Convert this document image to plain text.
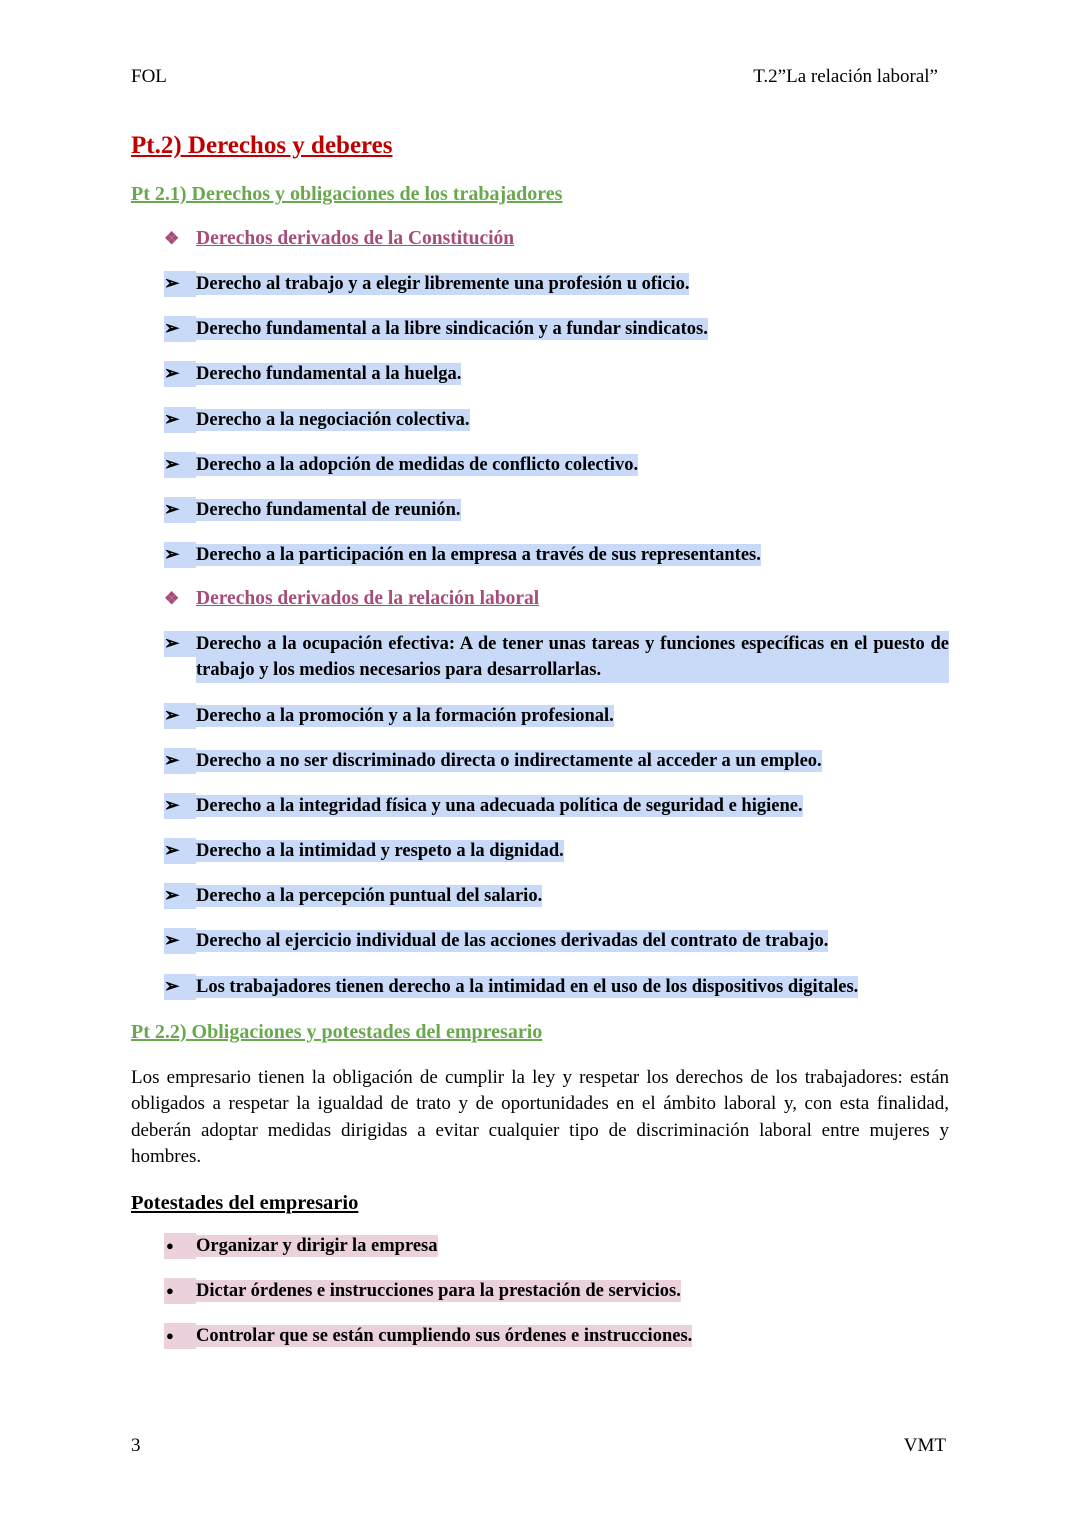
FOL	T.2”La relación laboral”
Pt.2) Derechos y deberes
Pt 2.1) Derechos y obligaciones de los trabajadores
❖ Derechos derivados de la Constitución
➢ Derecho al trabajo y a elegir libremente una profesión u oficio.
➢ Derecho fundamental a la libre sindicación y a fundar sindicatos.
➢ Derecho fundamental a la huelga.
➢ Derecho a la negociación colectiva.
➢ Derecho a la adopción de medidas de conflicto colectivo.
➢ Derecho fundamental de reunión.
➢ Derecho a la participación en la empresa a través de sus representantes.
❖ Derechos derivados de la relación laboral
➢ Derecho a la ocupación efectiva: A de tener unas tareas y funciones específicas en el puesto de trabajo y los medios necesarios para desarrollarlas.
➢ Derecho a la promoción y a la formación profesional.
➢ Derecho a no ser discriminado directa o indirectamente al acceder a un empleo.
➢ Derecho a la integridad física y una adecuada política de seguridad e higiene.
➢ Derecho a la intimidad y respeto a la dignidad.
➢ Derecho a la percepción puntual del salario.
➢ Derecho al ejercicio individual de las acciones derivadas del contrato de trabajo.
➢ Los trabajadores tienen derecho a la intimidad en el uso de los dispositivos digitales.
Pt 2.2) Obligaciones y potestades del empresario

Los empresario tienen la obligación de cumplir la ley y respetar los derechos de los trabajadores: están obligados a respetar la igualdad de trato y de oportunidades en el ámbito laboral y, con esta finalidad, deberán adoptar medidas dirigidas a evitar cualquier tipo de discriminación laboral entre mujeres y hombres.

Potestades del empresario
●	Organizar y dirigir la empresa
●	Dictar órdenes e instrucciones para la prestación de servicios.
●	Controlar que se están cumpliendo sus órdenes e instrucciones.
3	VMT
